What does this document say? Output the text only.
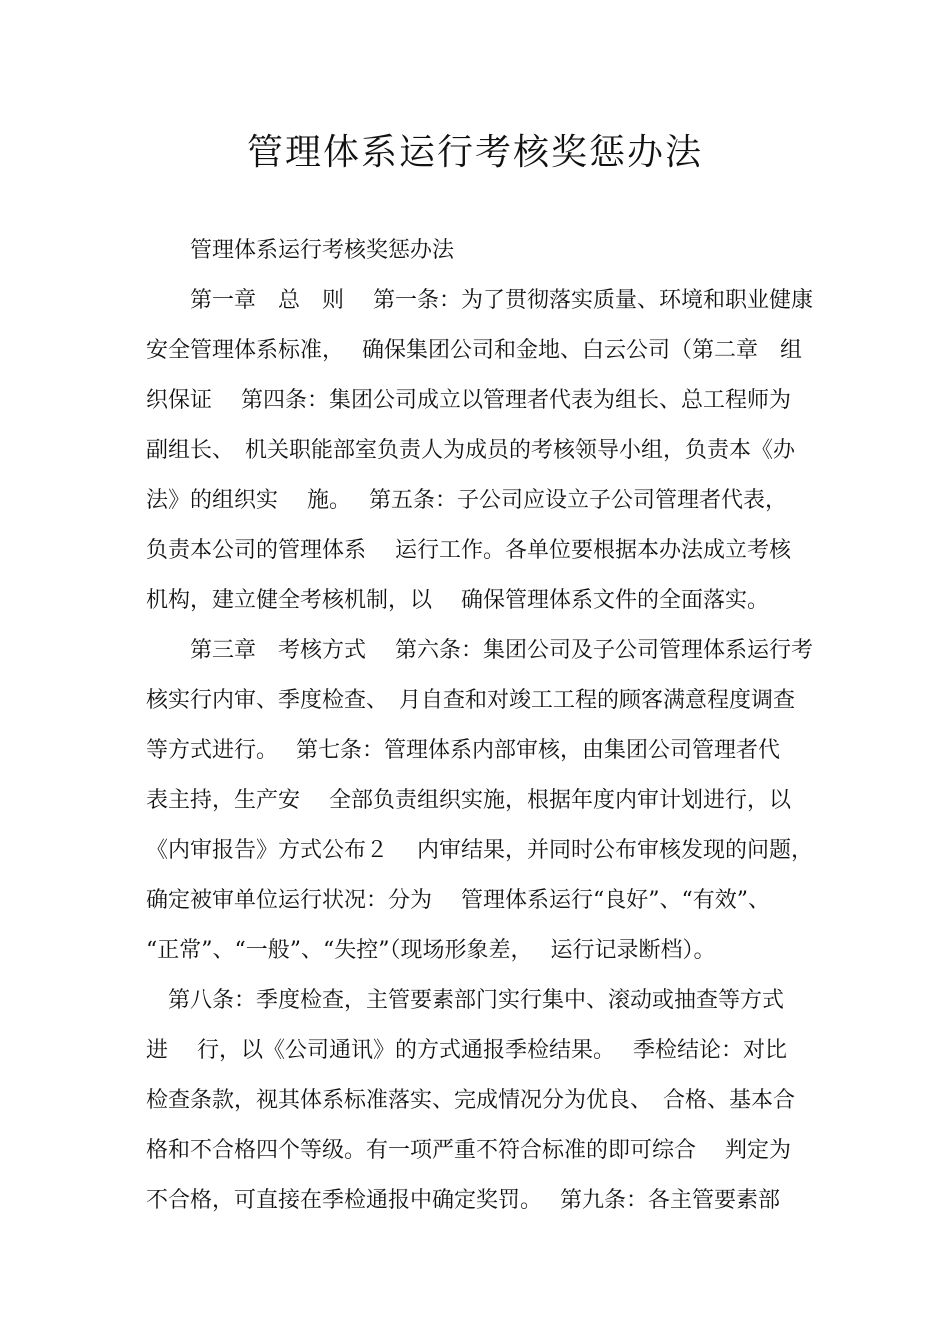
管理体系运行考核奖惩办法

管理体系运行考核奖惩办法

第一章　总　则　 第一条：为了贯彻落实质量、环境和职业健康

安全管理体系标准，　 确保集团公司和金地、白云公司（第二章　组

织保证　 第四条：集团公司成立以管理者代表为组长、总工程师为

副组长、　机关职能部室负责人为成员的考核领导小组，负责本《办

法》的组织实　 施。　 第五条：子公司应设立子公司管理者代表，

负责本公司的管理体系　 运行工作。各单位要根据本办法成立考核

机构，建立健全考核机制，以　 确保管理体系文件的全面落实。

第三章　考核方式　 第六条：集团公司及子公司管理体系运行考

核实行内审、季度检查、　月自查和对竣工工程的顾客满意程度调查

等方式进行。　 第七条：管理体系内部审核，由集团公司管理者代

表主持，生产安　 全部负责组织实施，根据年度内审计划进行，以

《内审报告》方式公布２　 内审结果，并同时公布审核发现的问题，

确定被审单位运行状况：分为　 管理体系运行“良好”、“有效”、

“正常”、“一般”、“失控”（现场形象差，　 运行记录断档）。

第八条：季度检查，主管要素部门实行集中、滚动或抽查等方式

进　 行，以《公司通讯》的方式通报季检结果。　 季检结论：对比

检查条款，视其体系标准落实、完成情况分为优良、　合格、基本合

格和不合格四个等级。有一项严重不符合标准的即可综合　 判定为

不合格，可直接在季检通报中确定奖罚。　 第九条：各主管要素部
